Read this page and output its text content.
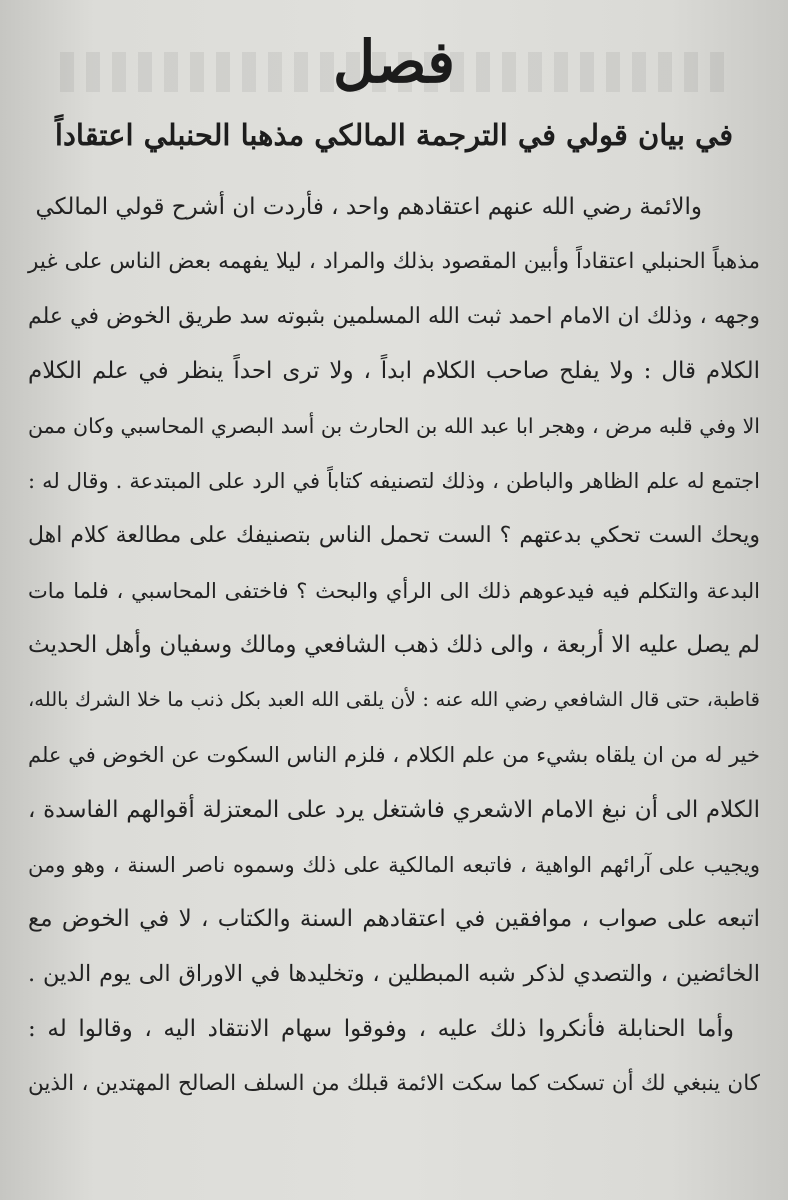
فصل
في بيان قولي في الترجمة المالكي مذهبا الحنبلي اعتقاداً
والائمة رضي الله عنهم اعتقادهم واحد ، فأردت ان أشرح قولي المالكي
مذهباً الحنبلي اعتقاداً وأبين المقصود بذلك والمراد ، ليلا يفهمه بعض الناس على غير
وجهه ، وذلك ان الامام احمد ثبت الله المسلمين بثبوته سد طريق الخوض في علم
الكلام قال : ولا يفلح صاحب الكلام ابداً ، ولا ترى احداً ينظر في علم الكلام
الا وفي قلبه مرض ، وهجر ابا عبد الله بن الحارث بن أسد البصري المحاسبي وكان ممن
اجتمع له علم الظاهر والباطن ، وذلك لتصنيفه كتاباً في الرد على المبتدعة . وقال له :
ويحك الست تحكي بدعتهم ؟ الست تحمل الناس بتصنيفك على مطالعة كلام اهل
البدعة والتكلم فيه فيدعوهم ذلك الى الرأي والبحث ؟ فاختفى المحاسبي ، فلما مات
لم يصل عليه الا أربعة ، والى ذلك ذهب الشافعي ومالك وسفيان وأهل الحديث
قاطبة، حتى قال الشافعي رضي الله عنه : لأن يلقى الله العبد بكل ذنب ما خلا الشرك بالله،
خير له من ان يلقاه بشيء من علم الكلام ، فلزم الناس السكوت عن الخوض في علم
الكلام الى أن نبغ الامام الاشعري فاشتغل يرد على المعتزلة أقوالهم الفاسدة ،
ويجيب على آرائهم الواهية ، فاتبعه المالكية على ذلك وسموه ناصر السنة ، وهو ومن
اتبعه على صواب ، موافقين في اعتقادهم السنة والكتاب ، لا في الخوض مع
الخائضين ، والتصدي لذكر شبه المبطلين ، وتخليدها في الاوراق الى يوم الدين .
وأما الحنابلة فأنكروا ذلك عليه ، وفوقوا سهام الانتقاد اليه ، وقالوا له :
كان ينبغي لك أن تسكت كما سكت الائمة قبلك من السلف الصالح المهتدين ، الذين
